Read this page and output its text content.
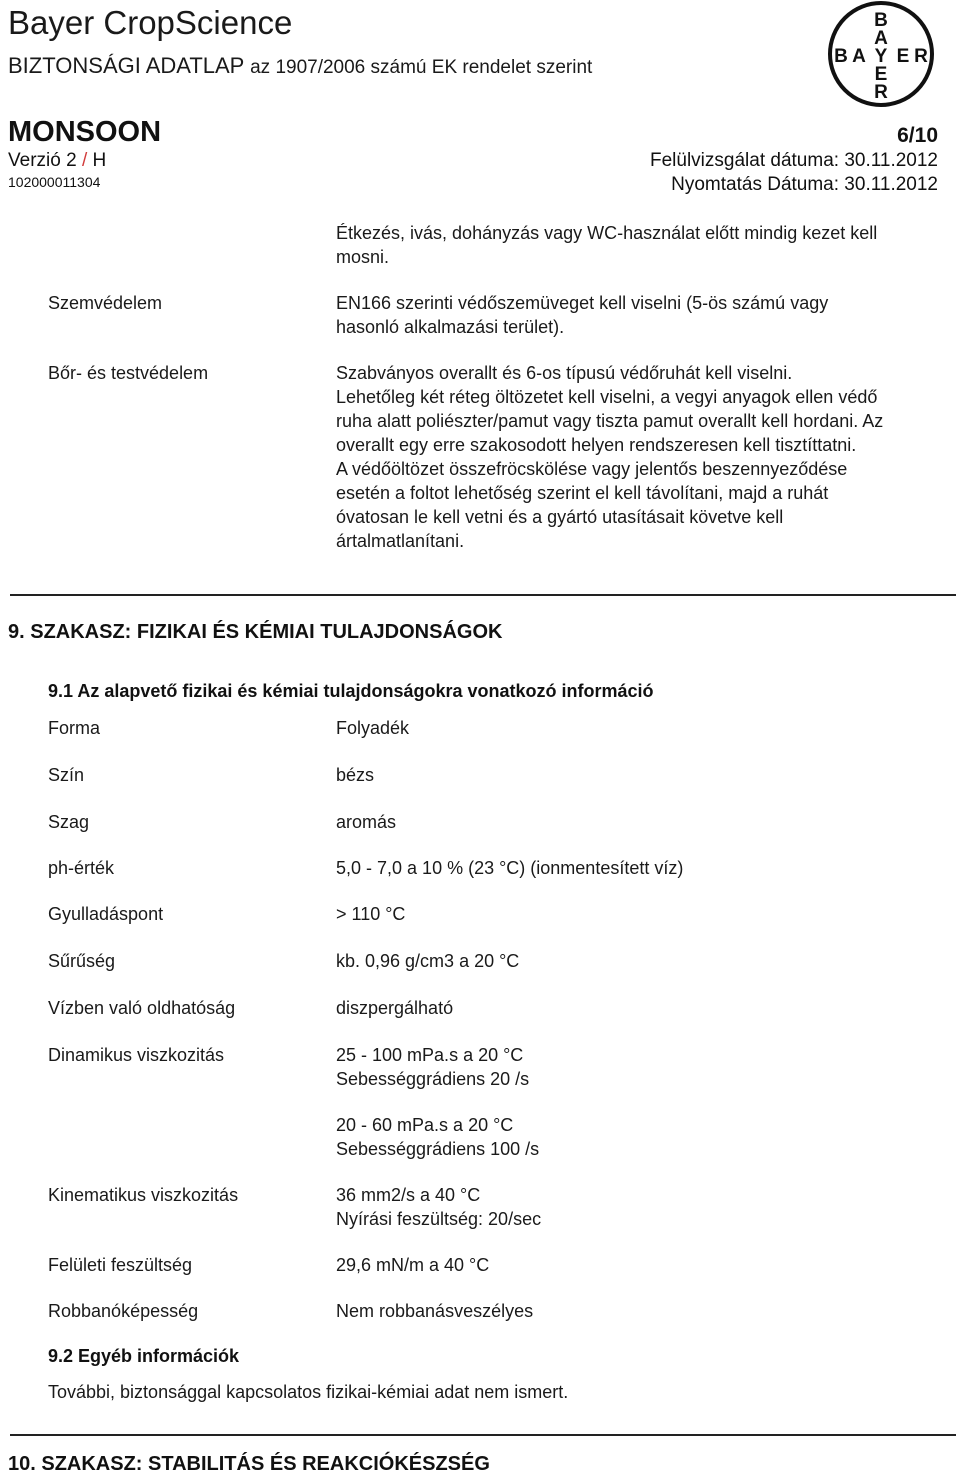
Bayer CropScience
BIZTONSÁGI ADATLAP az 1907/2006 számú EK rendelet szerint
MONSOON
Verzió 2 / H
102000011304
6/10
Felülvizsgálat dátuma: 30.11.2012
Nyomtatás Dátuma: 30.11.2012
B
A
B A Y E R
E
R
Étkezés, ivás, dohányzás vagy WC-használat előtt mindig kezet kell
mosni.
Szemvédelem	EN166 szerinti védőszemüveget kell viselni (5-ös számú vagy
hasonló alkalmazási terület).
Bőr- és testvédelem	Szabványos overallt és 6-os típusú védőruhát kell viselni.
Lehetőleg két réteg öltözetet kell viselni, a vegyi anyagok ellen védő
ruha alatt poliészter/pamut vagy tiszta pamut overallt kell hordani. Az
overallt egy erre szakosodott helyen rendszeresen kell tisztíttatni.
A védőöltözet összefröcskölése vagy jelentős beszennyeződése
esetén a foltot lehetőség szerint el kell távolítani, majd a ruhát
óvatosan le kell vetni és a gyártó utasításait követve kell
ártalmatlanítani.
9. SZAKASZ: FIZIKAI ÉS KÉMIAI TULAJDONSÁGOK
9.1 Az alapvető fizikai és kémiai tulajdonságokra vonatkozó információ
Forma	Folyadék
Szín	bézs
Szag	aromás
ph-érték	5,0 - 7,0 a 10 % (23 °C) (ionmentesített víz)
Gyulladáspont	> 110 °C
Sűrűség	kb. 0,96 g/cm3 a 20 °C
Vízben való oldhatóság	diszpergálható
Dinamikus viszkozitás	25 - 100 mPa.s a 20 °C
Sebességgrádiens 20 /s
20 - 60 mPa.s a 20 °C
Sebességgrádiens 100 /s
Kinematikus viszkozitás	36 mm2/s a 40 °C
Nyírási feszültség: 20/sec
Felületi feszültség	29,6 mN/m a 40 °C
Robbanóképesség	Nem robbanásveszélyes
9.2 Egyéb információk
További, biztonsággal kapcsolatos fizikai-kémiai adat nem ismert.
10. SZAKASZ: STABILITÁS ÉS REAKCIÓKÉSZSÉG
